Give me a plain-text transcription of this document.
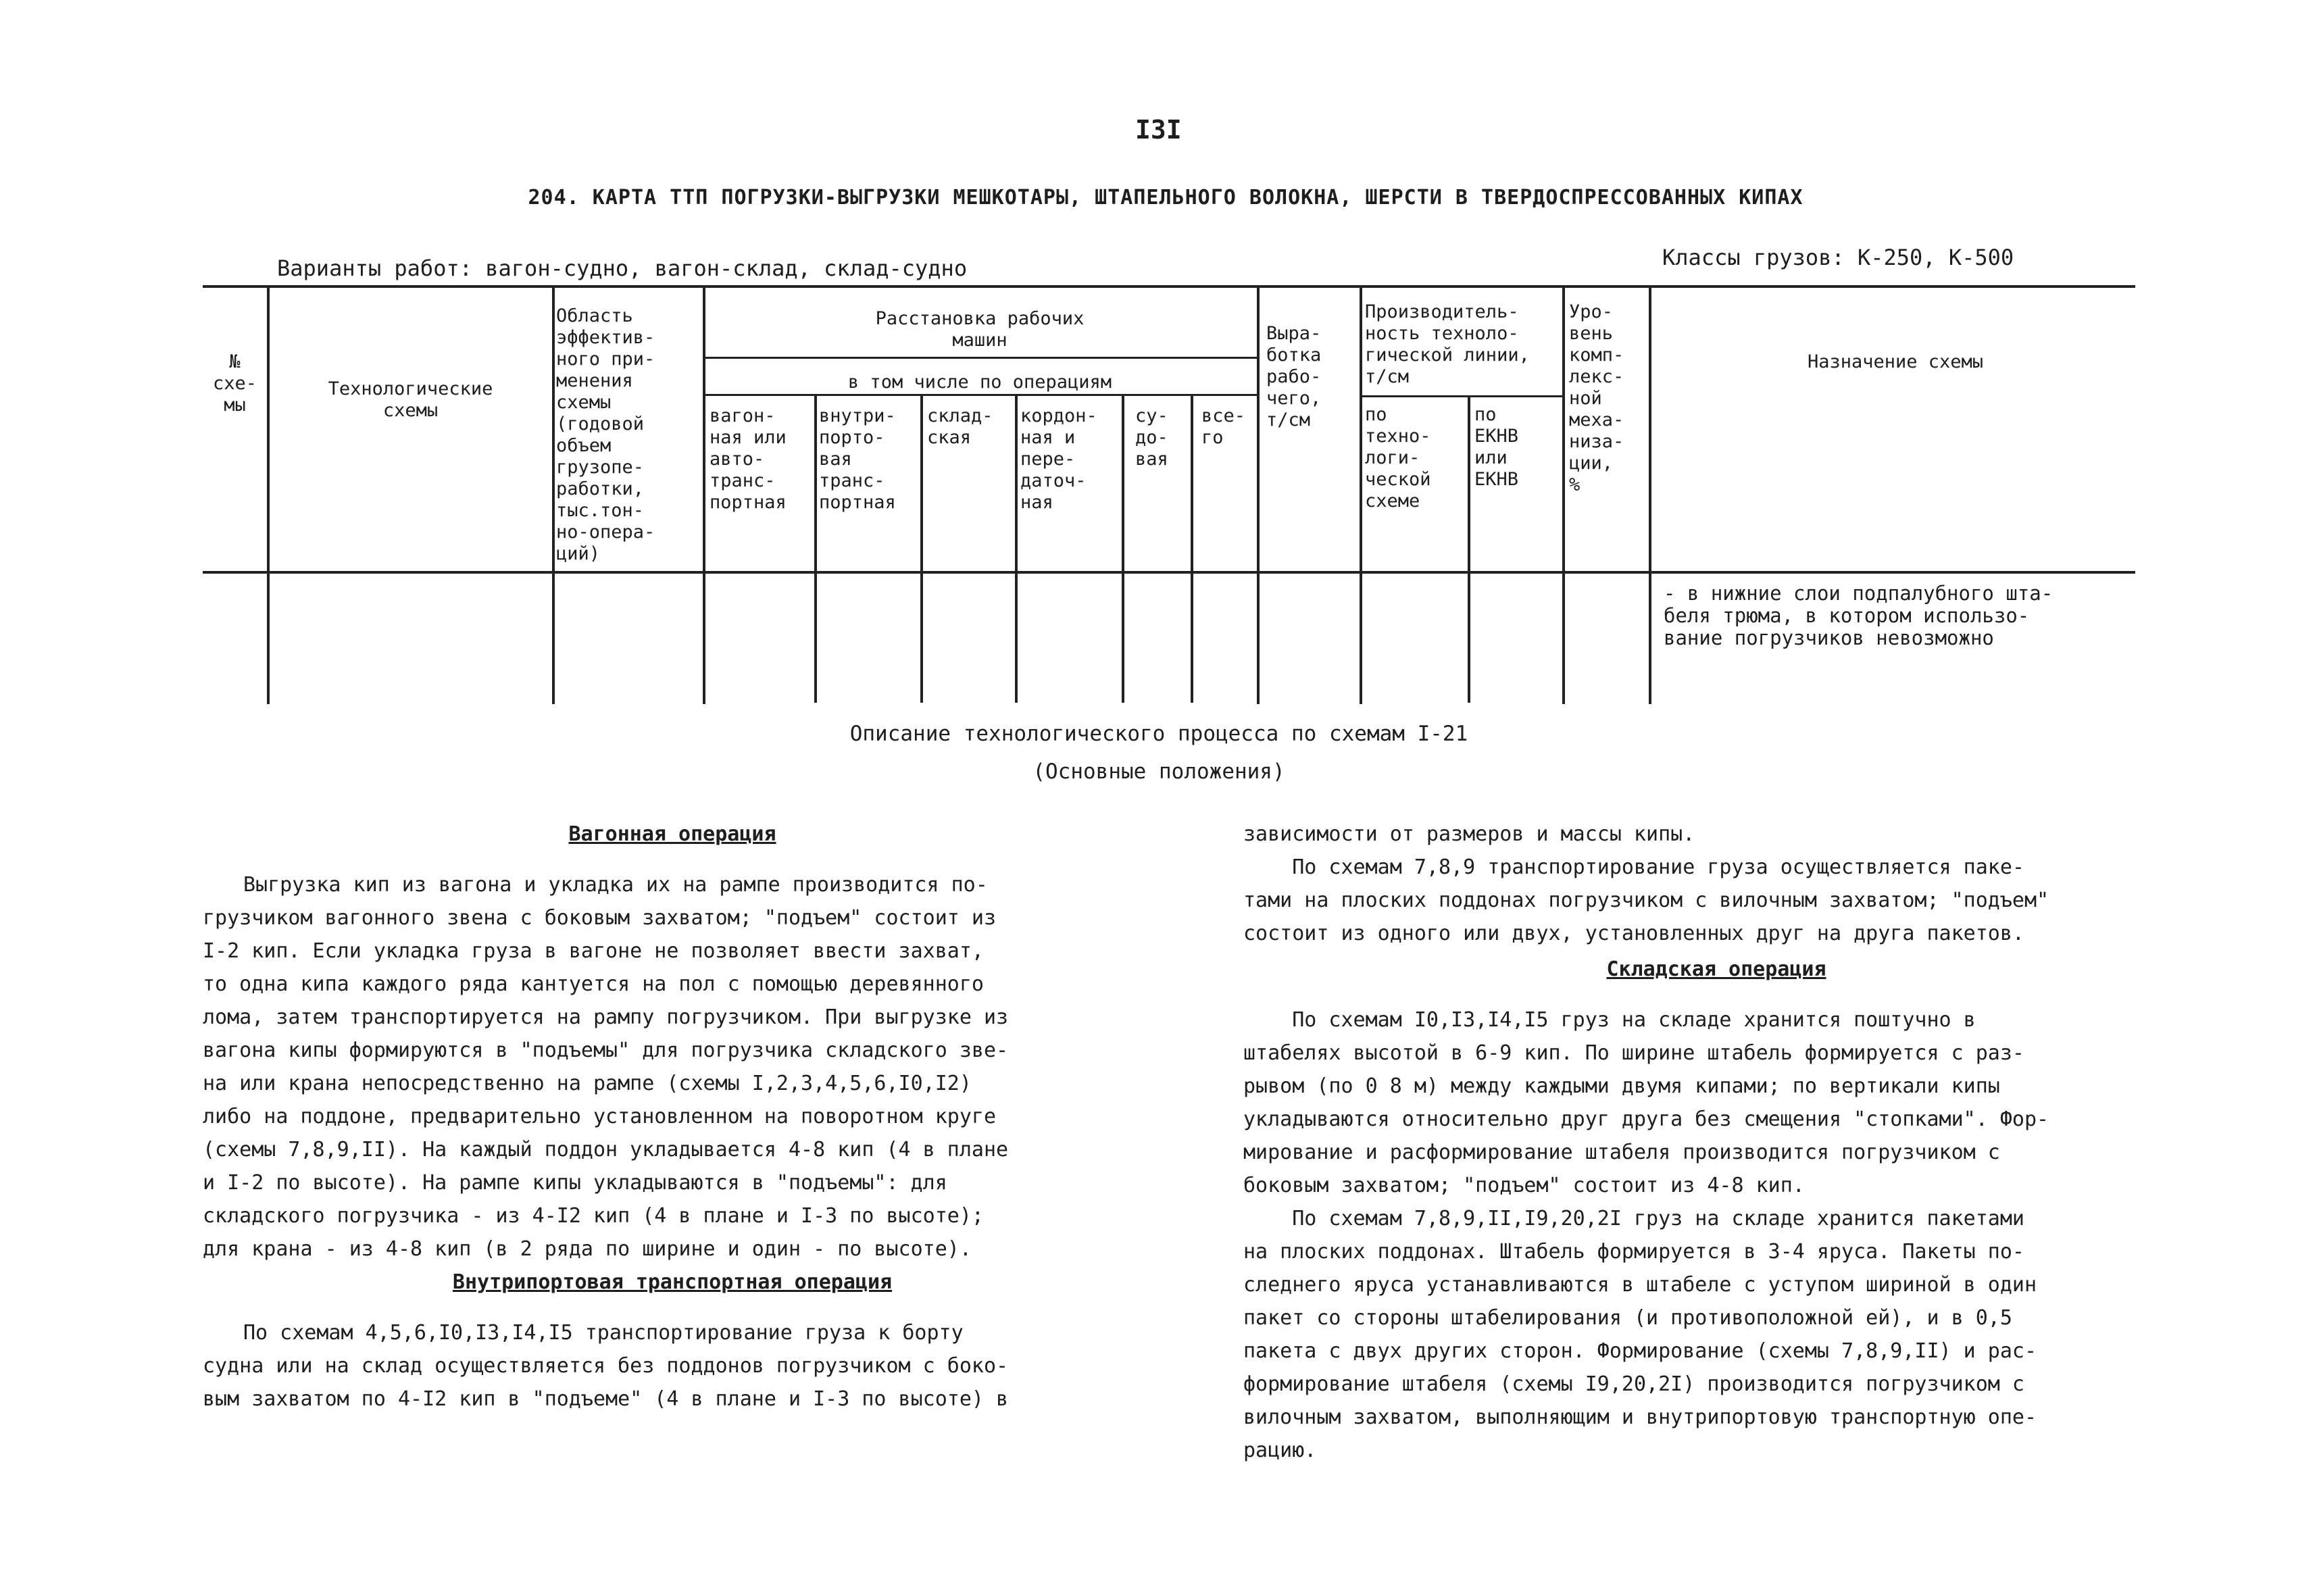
I3I
204. КАРТА ТТП ПОГРУЗКИ-ВЫГРУЗКИ МЕШКОТАРЫ, ШТАПЕЛЬНОГО ВОЛОКНА, ШЕРСТИ В ТВЕРДОСПРЕССОВАННЫХ КИПАХ
Варианты работ: вагон-судно, вагон-склад, склад-судно	Классы грузов: К-250, К-500
№
схе-
мы
Технологические
схемы
Область
эффектив-
ного при-
менения
схемы
(годовой
объем
грузопе-
работки,
тыс.тон-
но-опера-
ций)
Расстановка рабочих
машин
в том числе по операциям
вагон-
ная или
авто-
транс-
портная
внутри-
порто-
вая
транс-
портная
склад-
ская
кордон-
ная и
пере-
даточ-
ная
су-
до-
вая
все-
го
Выра-
ботка
рабо-
чего,
т/см
Производитель-
ность техноло-
гической линии,
т/см
по
техно-
логи-
ческой
схеме
по
ЕКНВ
или
ЕКНВ
Уро-
вень
комп-
лекс-
ной
меха-
низа-
ции,
%
Назначение схемы
- в нижние слои подпалубного шта-
беля трюма, в котором использо-
вание погрузчиков невозможно
Описание технологического процесса по схемам I-21
(Основные положения)

Вагонная операция

Выгрузка кип из вагона и укладка их на рампе производится по-

грузчиком вагонного звена с боковым захватом; "подъем" состоит из

I-2 кип. Если укладка груза в вагоне не позволяет ввести захват,

то одна кипа каждого ряда кантуется на пол с помощью деревянного

лома, затем транспортируется на рампу погрузчиком. При выгрузке из

вагона кипы формируются в "подъемы" для погрузчика складского зве-

на или крана непосредственно на рампе (схемы I,2,3,4,5,6,I0,I2)

либо на поддоне, предварительно установленном на поворотном круге

(схемы 7,8,9,II). На каждый поддон укладывается 4-8 кип (4 в плане

и I-2 по высоте). На рампе кипы укладываются в "подъемы": для

складского погрузчика - из 4-I2 кип (4 в плане и I-3 по высоте);

для крана - из 4-8 кип (в 2 ряда по ширине и один - по высоте).

Внутрипортовая транспортная операция

По схемам 4,5,6,I0,I3,I4,I5 транспортирование груза к борту

судна или на склад осуществляется без поддонов погрузчиком с боко-

вым захватом по 4-I2 кип в "подъеме" (4 в плане и I-3 по высоте) в

зависимости от размеров и массы кипы.

По схемам 7,8,9 транспортирование груза осуществляется паке-

тами на плоских поддонах погрузчиком с вилочным захватом; "подъем"

состоит из одного или двух, установленных друг на друга пакетов.

Складская операция

По схемам I0,I3,I4,I5 груз на складе хранится поштучно в

штабелях высотой в 6-9 кип. По ширине штабель формируется с раз-

рывом (по 0 8 м) между каждыми двумя кипами; по вертикали кипы

укладываются относительно друг друга без смещения "стопками". Фор-

мирование и расформирование штабеля производится погрузчиком с

боковым захватом; "подъем" состоит из 4-8 кип.

По схемам 7,8,9,II,I9,20,2I груз на складе хранится пакетами

на плоских поддонах. Штабель формируется в 3-4 яруса. Пакеты по-

следнего яруса устанавливаются в штабеле с уступом шириной в один

пакет со стороны штабелирования (и противоположной ей), и в 0,5

пакета с двух других сторон. Формирование (схемы 7,8,9,II) и рас-

формирование штабеля (схемы I9,20,2I) производится погрузчиком с

вилочным захватом, выполняющим и внутрипортовую транспортную опе-

рацию.
